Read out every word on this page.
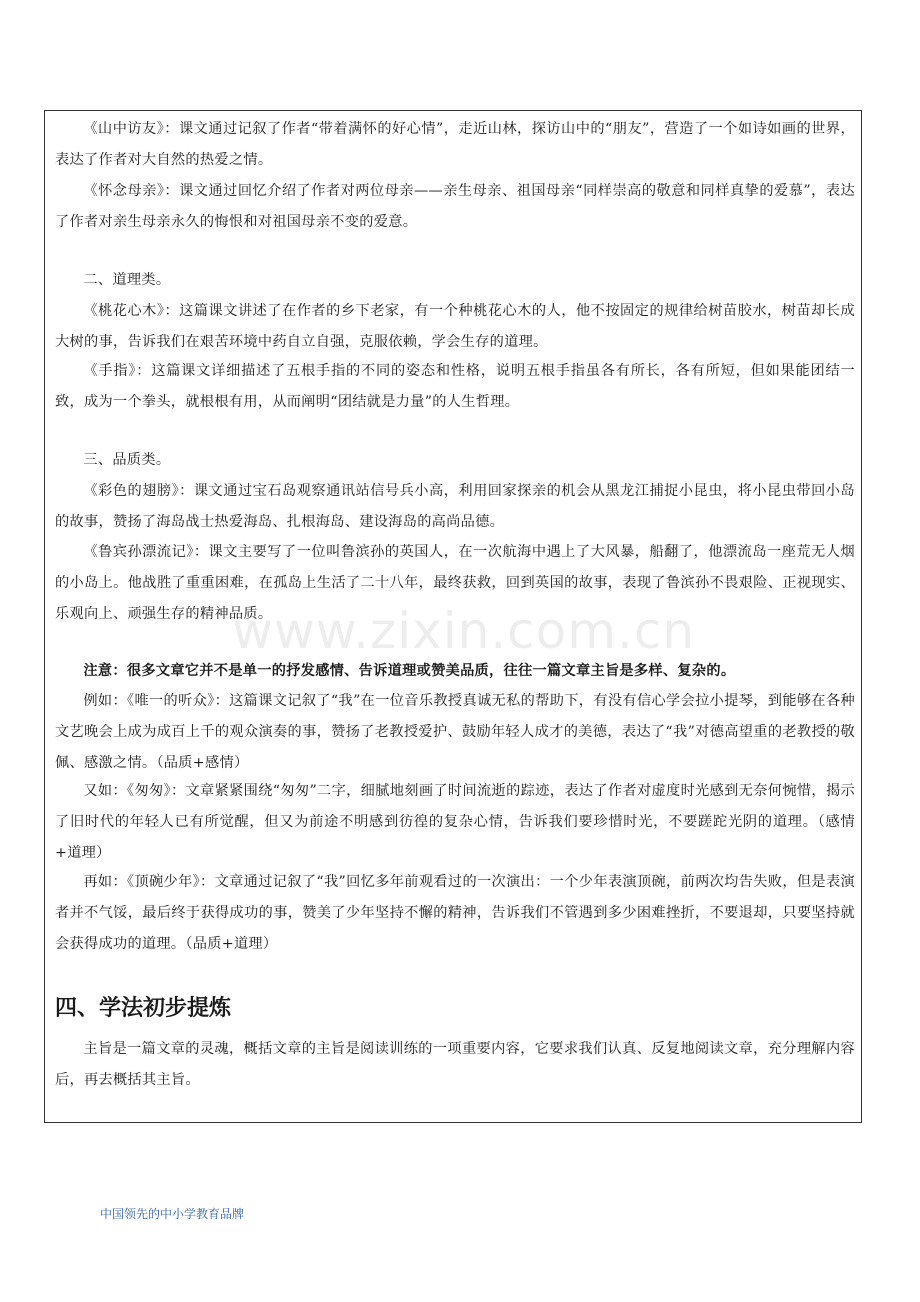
《山中访友》：课文通过记叙了作者“带着满怀的好心情”，走近山林，探访山中的“朋友”，营造了一个如诗如画的世界，表达了作者对大自然的热爱之情。

《怀念母亲》：课文通过回忆介绍了作者对两位母亲——亲生母亲、祖国母亲“同样崇高的敬意和同样真挚的爱慕”，表达了作者对亲生母亲永久的悔恨和对祖国母亲不变的爱意。

二、道理类。

《桃花心木》：这篇课文讲述了在作者的乡下老家，有一个种桃花心木的人，他不按固定的规律给树苗胶水，树苗却长成大树的事，告诉我们在艰苦环境中药自立自强，克服依赖，学会生存的道理。

《手指》：这篇课文详细描述了五根手指的不同的姿态和性格，说明五根手指虽各有所长，各有所短，但如果能团结一致，成为一个拳头，就根根有用，从而阐明“团结就是力量”的人生哲理。

三、品质类。

《彩色的翅膀》：课文通过宝石岛观察通讯站信号兵小高，利用回家探亲的机会从黑龙江捕捉小昆虫，将小昆虫带回小岛的故事，赞扬了海岛战士热爱海岛、扎根海岛、建设海岛的高尚品德。

《鲁宾孙漂流记》：课文主要写了一位叫鲁滨孙的英国人，在一次航海中遇上了大风暴，船翻了，他漂流岛一座荒无人烟的小岛上。他战胜了重重困难，在孤岛上生活了二十八年，最终获救，回到英国的故事，表现了鲁滨孙不畏艰险、正视现实、乐观向上、顽强生存的精神品质。

注意：很多文章它并不是单一的抒发感情、告诉道理或赞美品质，往往一篇文章主旨是多样、复杂的。

例如：《唯一的听众》：这篇课文记叙了“我”在一位音乐教授真诚无私的帮助下，有没有信心学会拉小提琴，到能够在各种文艺晚会上成为成百上千的观众演奏的事，赞扬了老教授爱护、鼓励年轻人成才的美德，表达了“我”对德高望重的老教授的敬佩、感激之情。（品质+感情）

又如：《匆匆》：文章紧紧围绕“匆匆”二字，细腻地刻画了时间流逝的踪迹，表达了作者对虚度时光感到无奈何惋惜，揭示了旧时代的年轻人已有所觉醒，但又为前途不明感到彷徨的复杂心情，告诉我们要珍惜时光，不要蹉跎光阴的道理。（感情+道理）

再如：《顶碗少年》：文章通过记叙了“我”回忆多年前观看过的一次演出：一个少年表演顶碗，前两次均告失败，但是表演者并不气馁，最后终于获得成功的事，赞美了少年坚持不懈的精神，告诉我们不管遇到多少困难挫折，不要退却，只要坚持就会获得成功的道理。（品质+道理）

四、学法初步提炼

主旨是一篇文章的灵魂，概括文章的主旨是阅读训练的一项重要内容，它要求我们认真、反复地阅读文章，充分理解内容后，再去概括其主旨。

www.zixin.com.cn
中国领先的中小学教育品牌
